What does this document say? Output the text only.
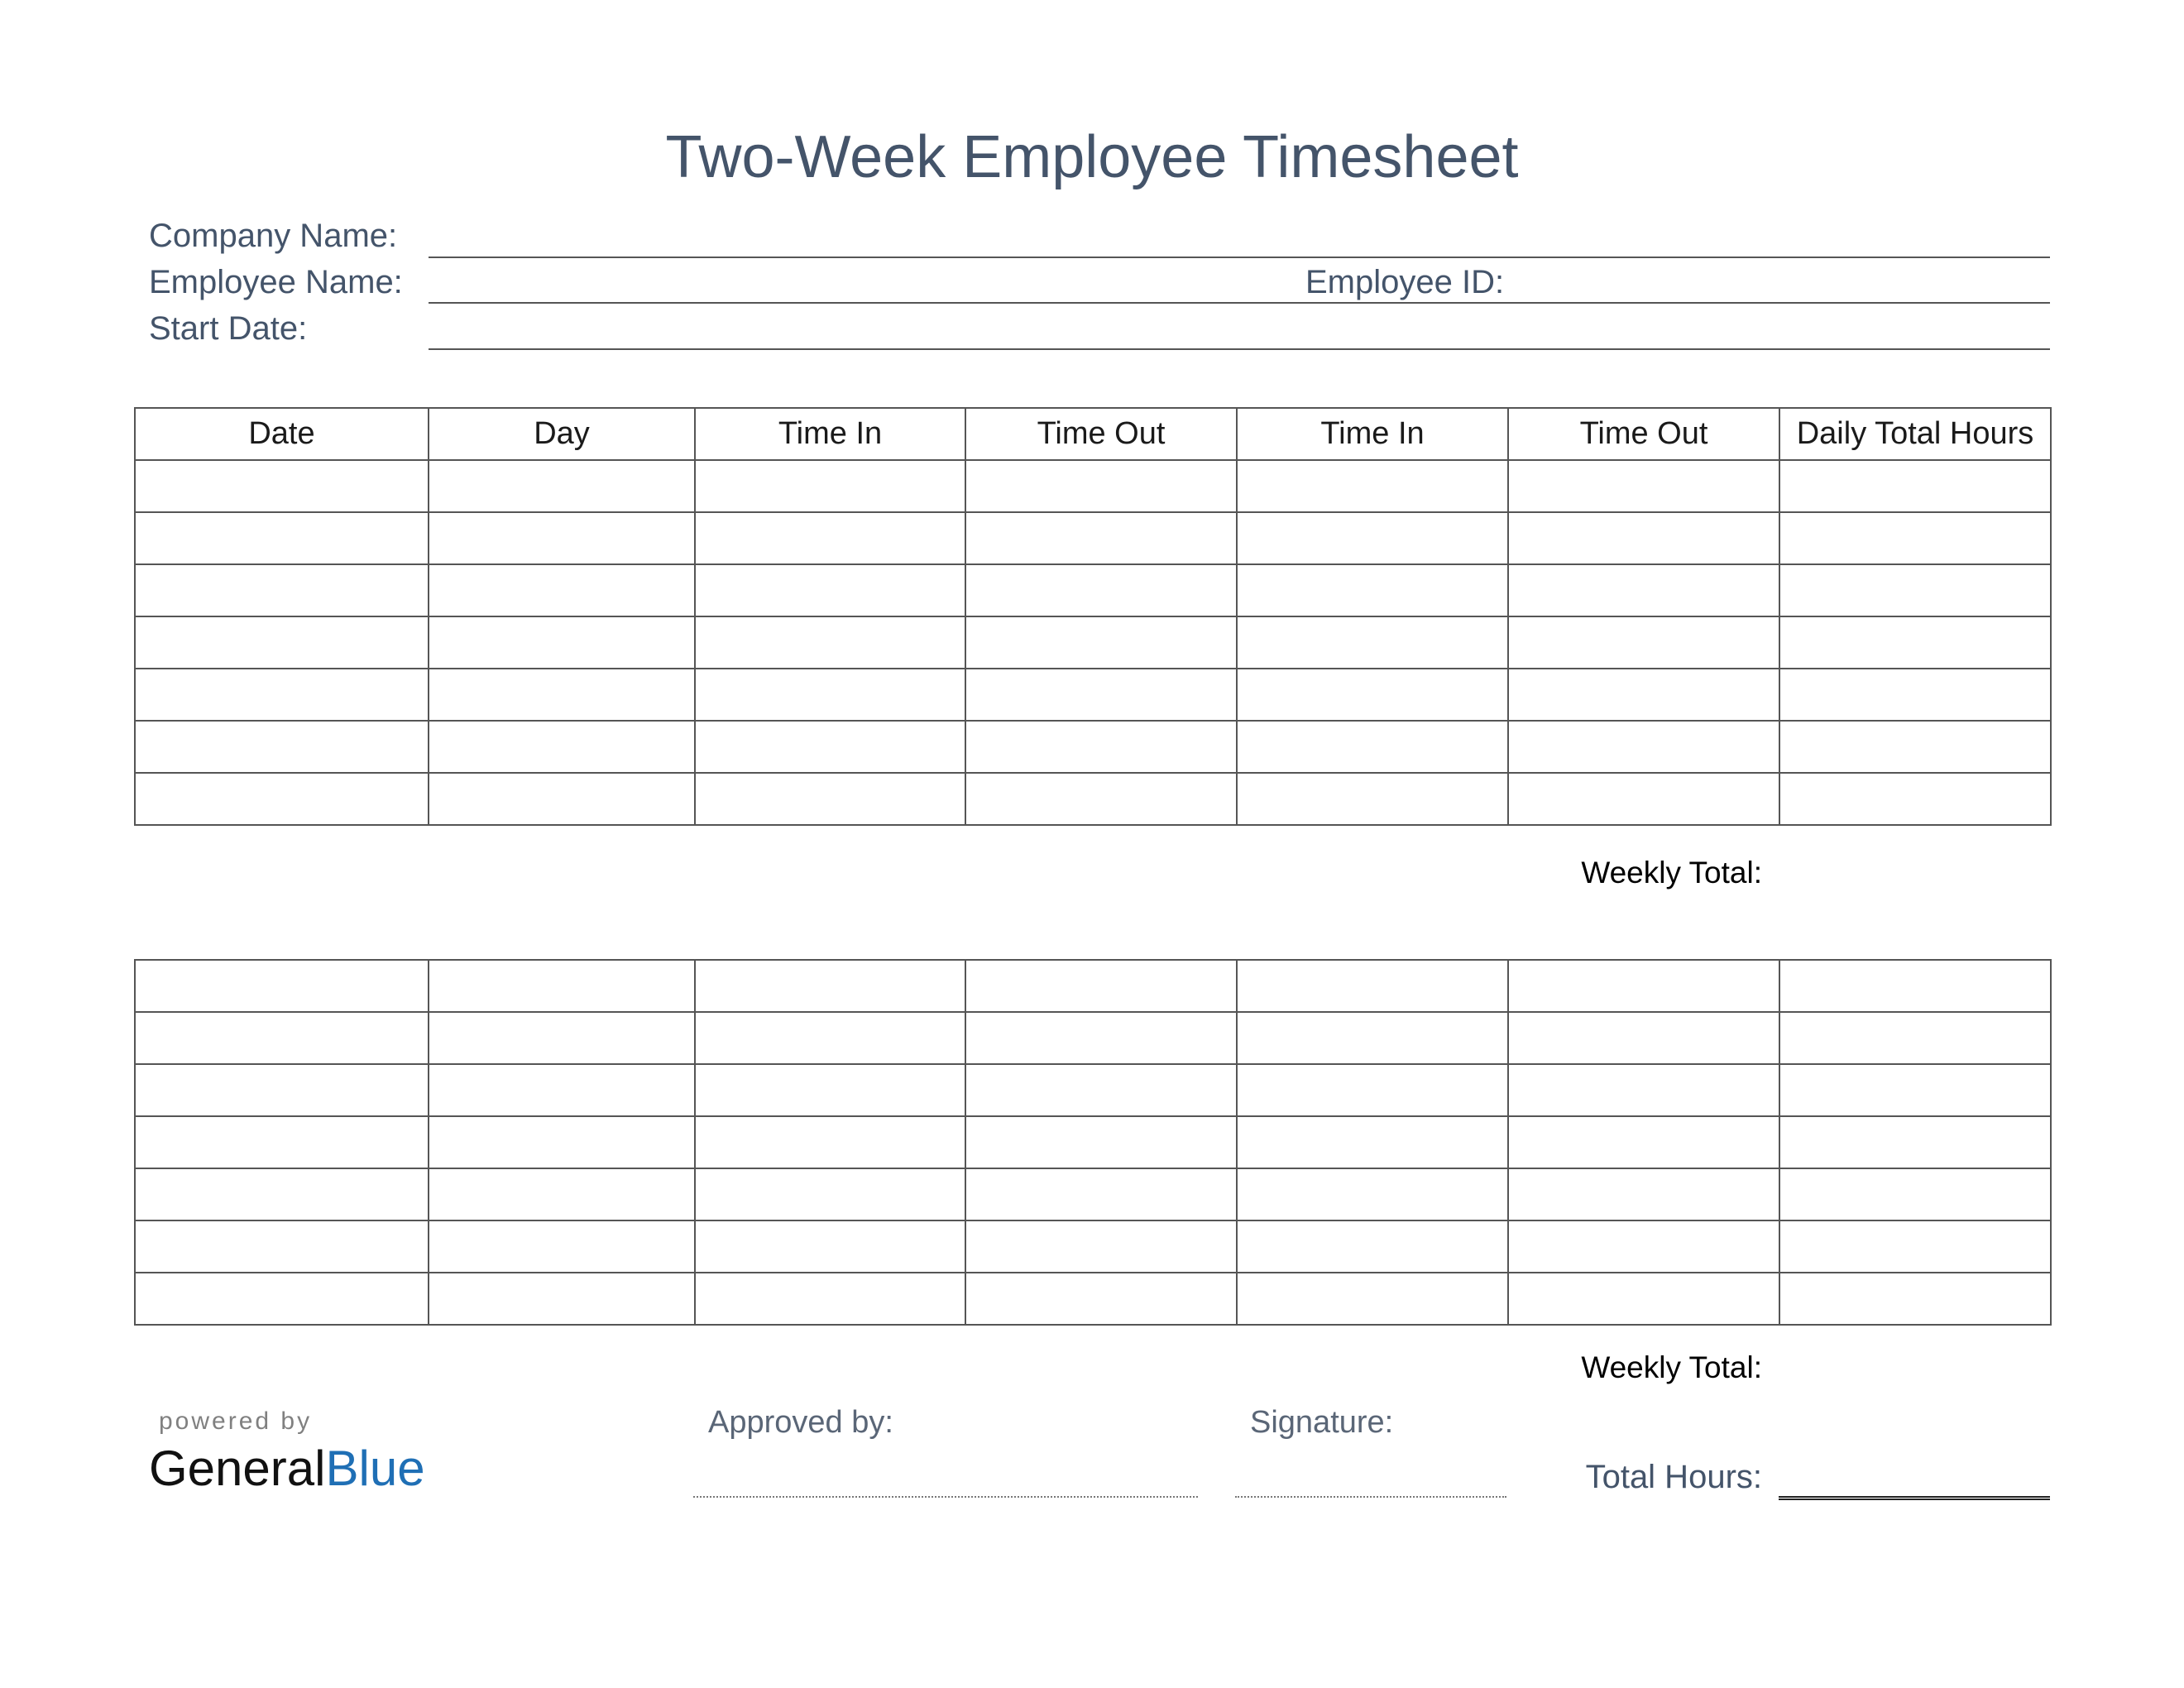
Two-Week Employee Timesheet
Company Name:
Employee Name:	Employee ID:
Start Date:
Date	Day	Time In	Time Out	Time In	Time Out	Daily Total Hours

Weekly Total:

Weekly Total:
powered by
GeneralBlue
Approved by:	Signature:
Total Hours:
